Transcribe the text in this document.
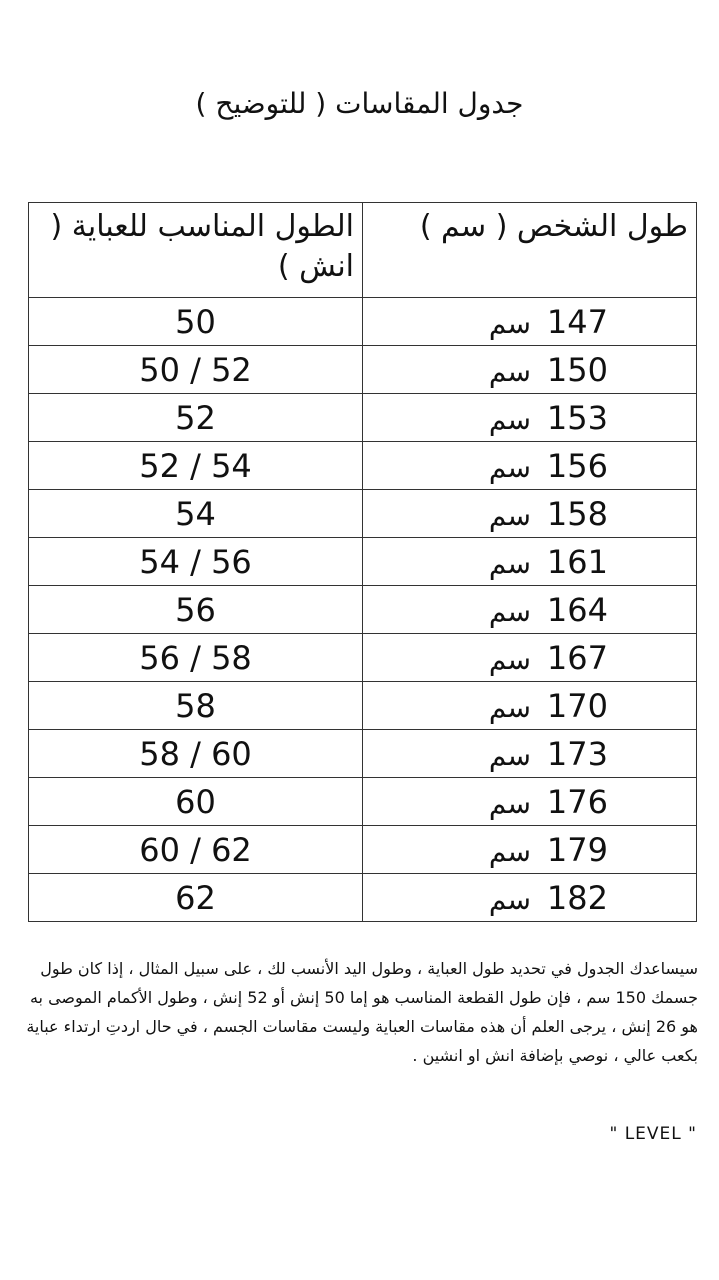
جدول المقاسات ( للتوضيح )
طول الشخص ( سم )	الطول المناسب للعباية ( انش )
147سم	50
150سم	50 / 52
153سم	52
156سم	52 / 54
158سم	54
161سم	54 / 56
164سم	56
167سم	56 / 58
170سم	58
173سم	58 / 60
176سم	60
179سم	60 / 62
182سم	62
سيساعدك الجدول في تحديد طول العباية ، وطول اليد الأنسب لك ، على سبيل المثال ، إذا كان طول جسمك 150 سم ، فإن طول القطعة المناسب هو إما 50 إنش أو 52 إنش ، وطول الأكمام الموصى به هو 26 إنش ، يرجى العلم أن هذه مقاسات العباية وليست مقاسات الجسم ، في حال اردتِ ارتداء عباية بكعب عالي ، نوصي بإضافة انش او انشين .
" LEVEL "
